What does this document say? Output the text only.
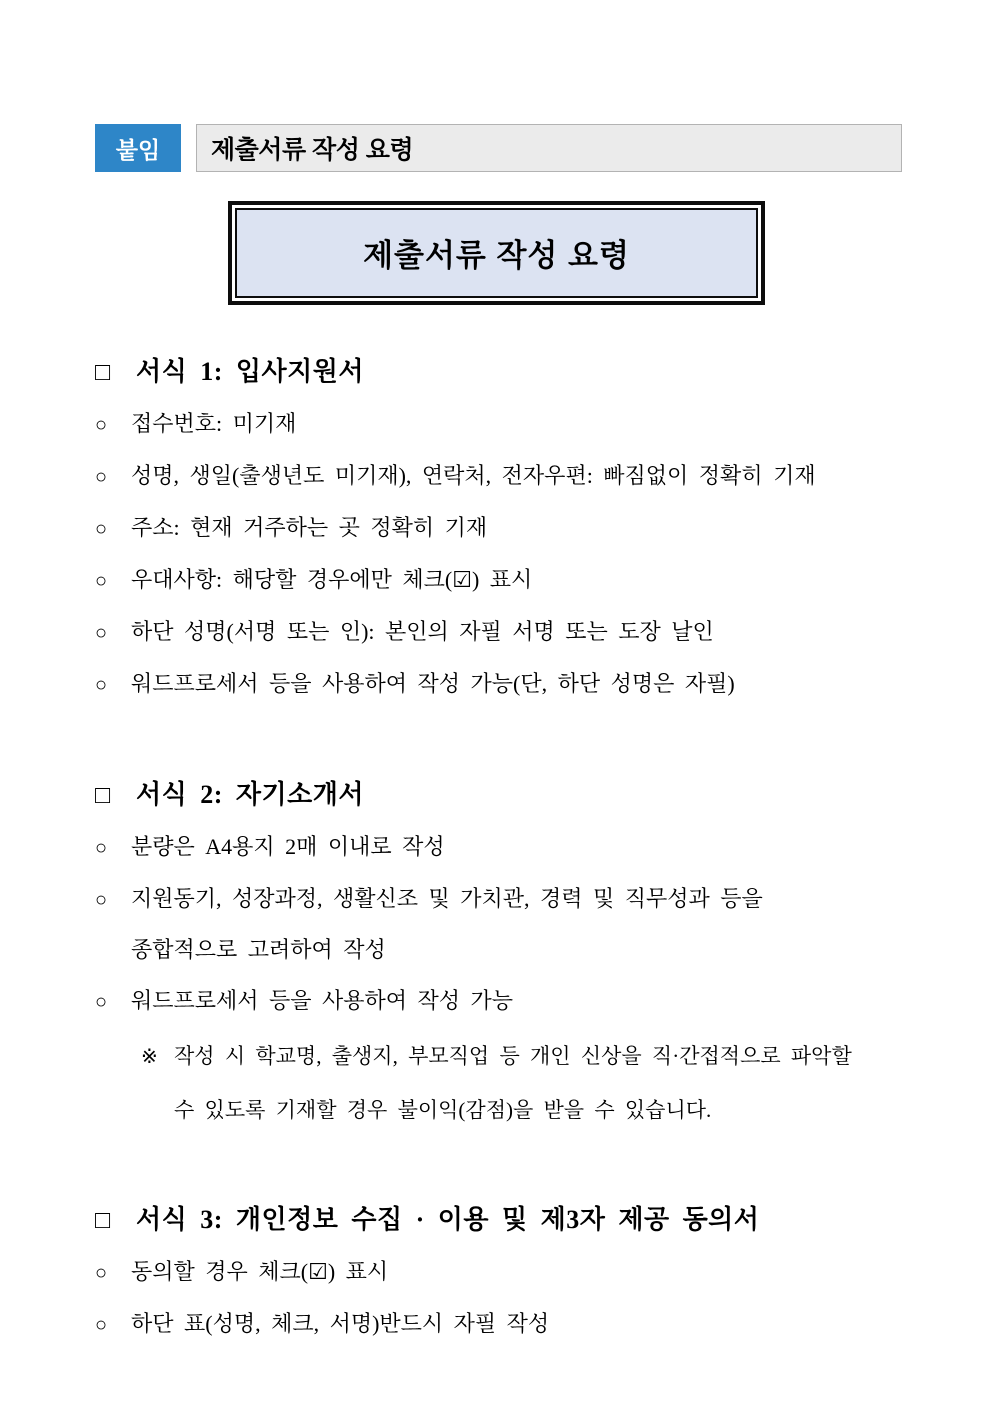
붙임	제출서류 작성 요령
제출서류 작성 요령
□ 서식 1: 입사지원서
○	접수번호: 미기재
○	성명, 생일(출생년도 미기재), 연락처, 전자우편: 빠짐없이 정확히 기재
○	주소: 현재 거주하는 곳 정확히 기재
○	우대사항: 해당할 경우에만 체크(☑) 표시
○	하단 성명(서명 또는 인): 본인의 자필 서명 또는 도장 날인
○	워드프로세서 등을 사용하여 작성 가능(단, 하단 성명은 자필)
□ 서식 2: 자기소개서
○	분량은 A4용지 2매 이내로 작성
○	지원동기, 성장과정, 생활신조 및 가치관, 경력 및 직무성과 등을
종합적으로 고려하여 작성
○	워드프로세서 등을 사용하여 작성 가능
※ 작성 시 학교명, 출생지, 부모직업 등 개인 신상을 직·간접적으로 파악할
수 있도록 기재할 경우 불이익(감점)을 받을 수 있습니다.
□ 서식 3: 개인정보 수집 · 이용 및 제3자 제공 동의서
○	동의할 경우 체크(☑) 표시
○	하단 표(성명, 체크, 서명)반드시 자필 작성
